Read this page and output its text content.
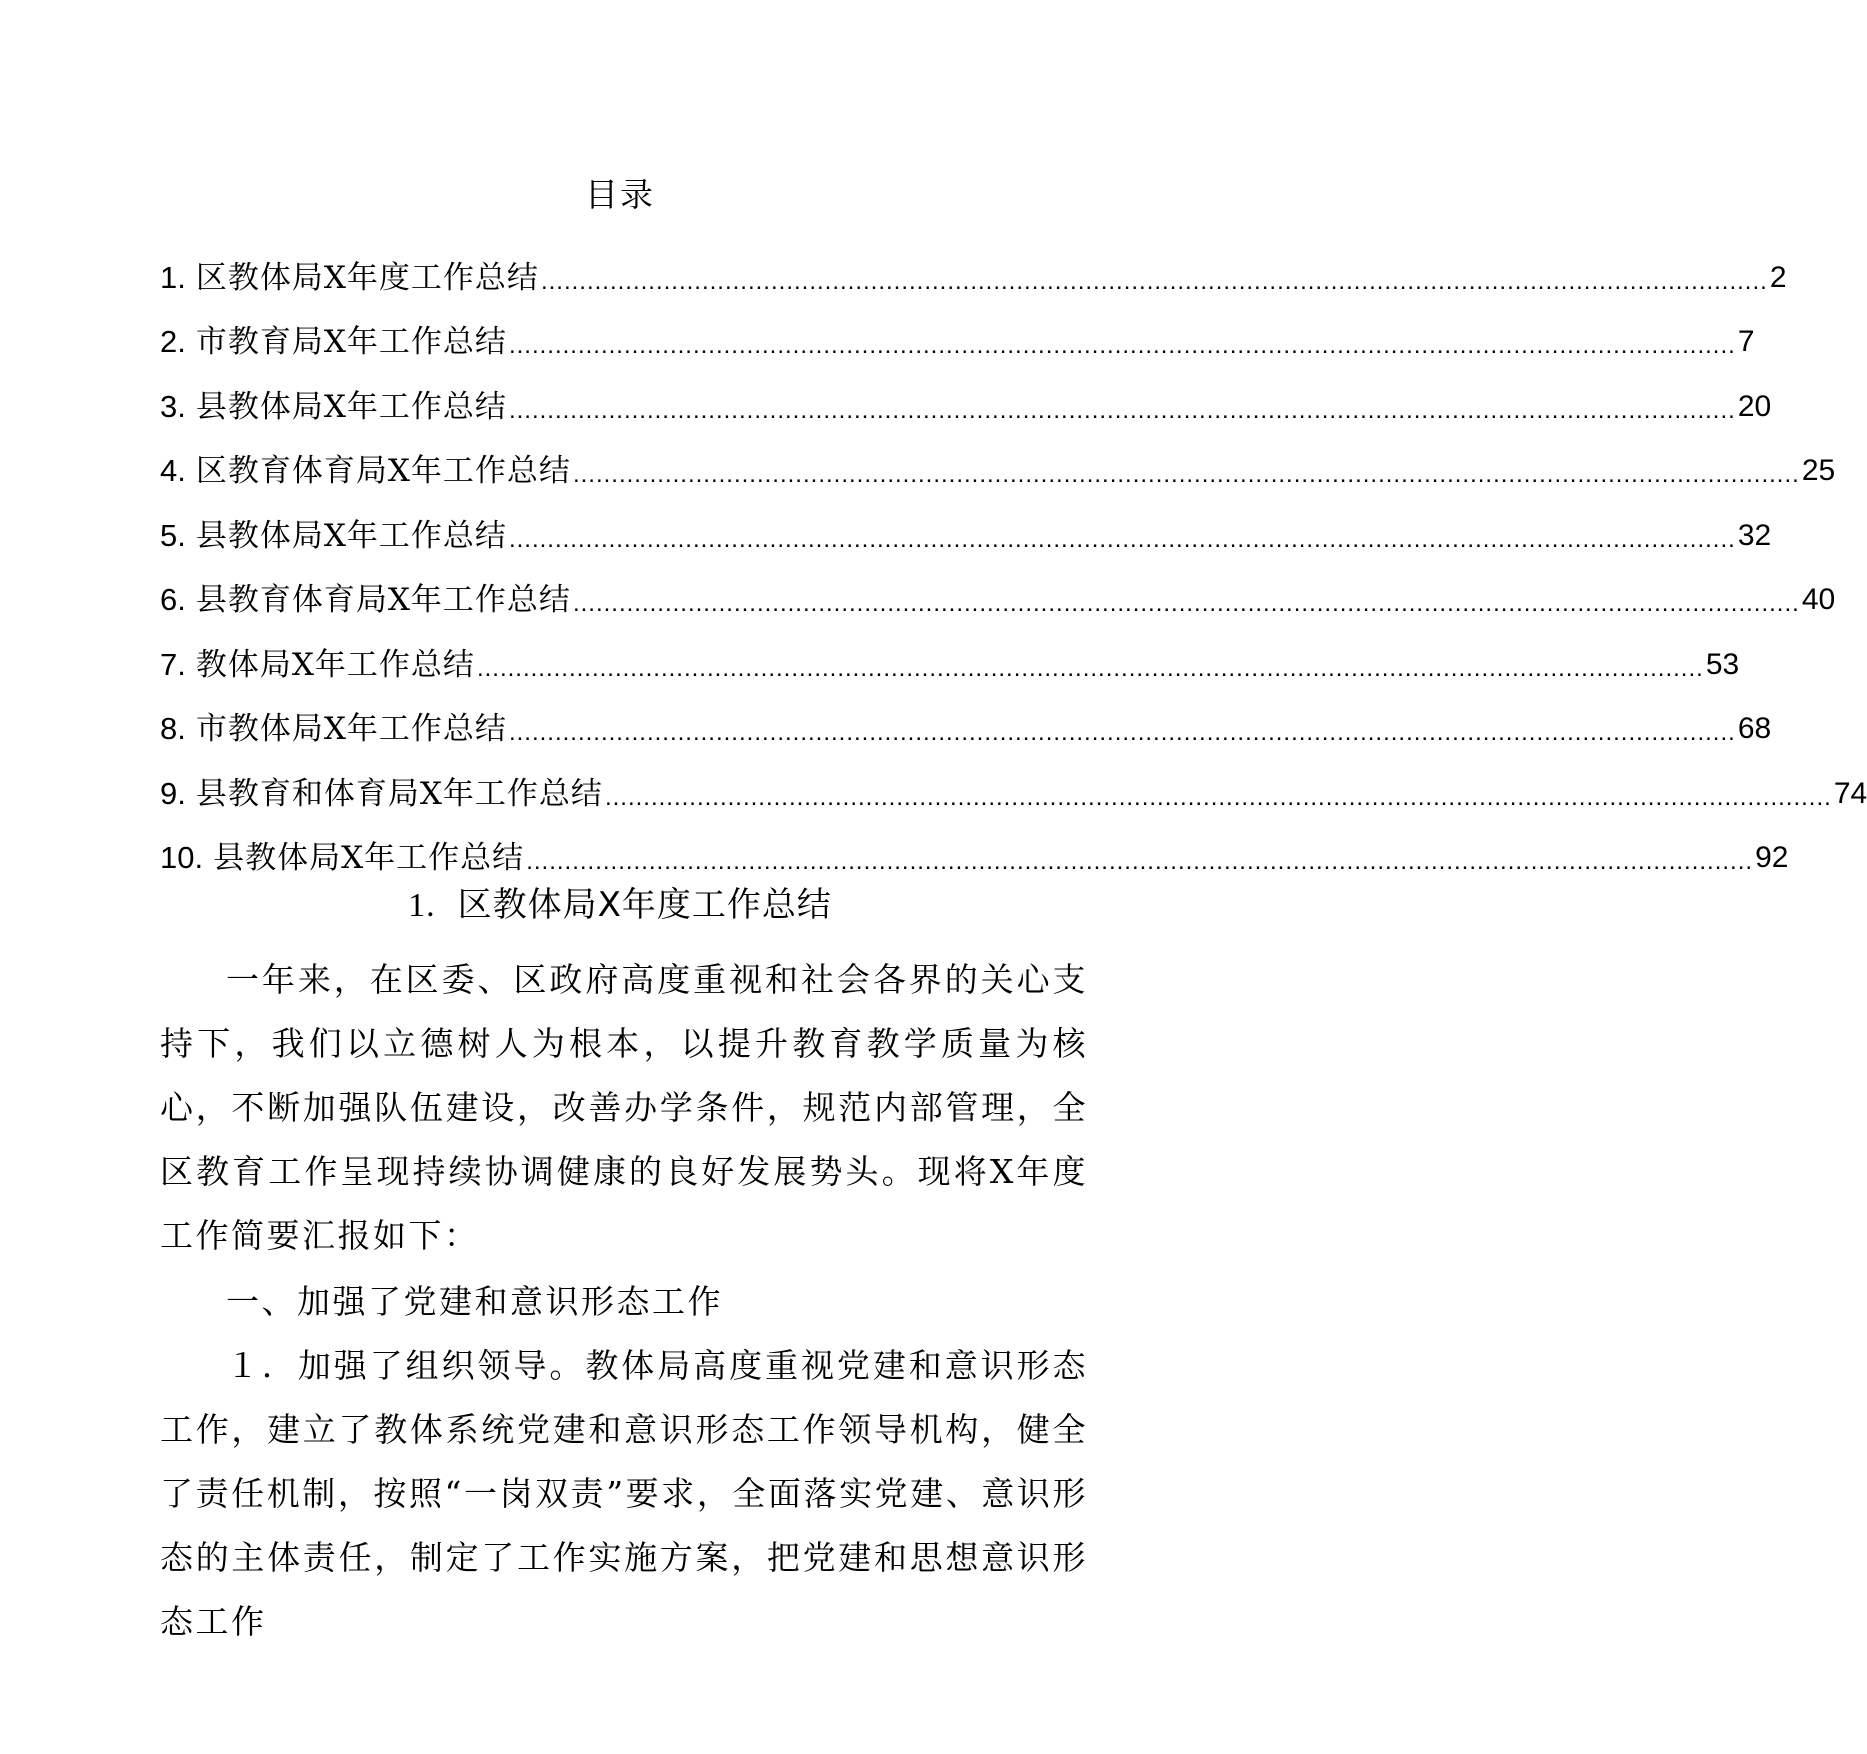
目录
1. 区教体局X年度工作总结 ................................................................................................................................................................ 2
2. 市教育局X年工作总结 ................................................................................................................................................................ 7
3. 县教体局X年工作总结 ................................................................................................................................................................ 20
4. 区教育体育局X年工作总结 ................................................................................................................................................................ 25
5. 县教体局X年工作总结 ................................................................................................................................................................ 32
6. 县教育体育局X年工作总结 ................................................................................................................................................................ 40
7. 教体局X年工作总结 ................................................................................................................................................................ 53
8. 市教体局X年工作总结 ................................................................................................................................................................ 68
9. 县教育和体育局X年工作总结 ................................................................................................................................................................ 74
10. 县教体局X年工作总结 ................................................................................................................................................................ 92
1. 区教体局X年度工作总结

一年来，在区委、区政府高度重视和社会各界的关心支持下，我们以立德树人为根本，以提升教育教学质量为核心，不断加强队伍建设，改善办学条件，规范内部管理，全区教育工作呈现持续协调健康的良好发展势头。现将X年度工作简要汇报如下：

一、加强了党建和意识形态工作

１．加强了组织领导。教体局高度重视党建和意识形态工作，建立了教体系统党建和意识形态工作领导机构，健全了责任机制，按照“一岗双责”要求，全面落实党建、意识形态的主体责任，制定了工作实施方案，把党建和思想意识形态工作
